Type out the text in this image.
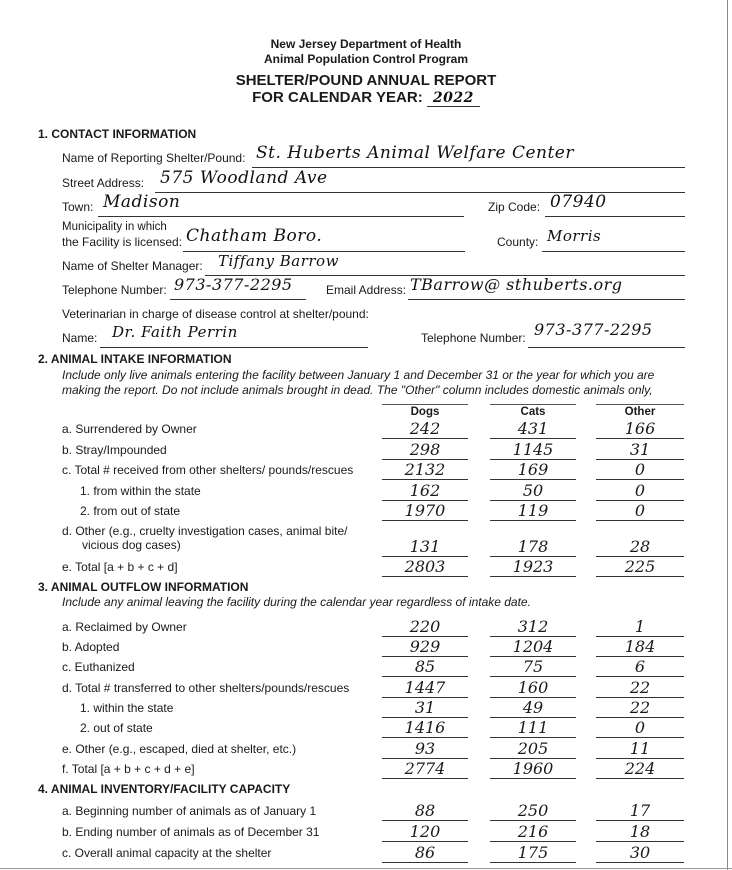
New Jersey Department of Health
Animal Population Control Program
SHELTER/POUND ANNUAL REPORT
FOR CALENDAR YEAR: 2022
1. CONTACT INFORMATION
Name of Reporting Shelter/Pound: St. Huberts Animal Welfare Center
Street Address: 575 Woodland Ave
Town: Madison	Zip Code: 07940
Municipality in which
the Facility is licensed: Chatham Boro.	County: Morris
Name of Shelter Manager: Tiffany Barrow
Telephone Number: 973-377-2295	Email Address: TBarrow@ sthuberts.org
Veterinarian in charge of disease control at shelter/pound:
Name: Dr. Faith Perrin	Telephone Number: 973-377-2295
2. ANIMAL INTAKE INFORMATION
Include only live animals entering the facility between January 1 and December 31 or the year for which you are
making the report. Do not include animals brought in dead. The "Other" column includes domestic animals only,
Dogs	Cats	Other
a. Surrendered by Owner	242	431	166
b. Stray/Impounded	298	1145	31
c. Total # received from other shelters/ pounds/rescues	2132	169	0
1. from within the state	162	50	0
2. from out of state	1970	119	0
d. Other (e.g., cruelty investigation cases, animal bite/
vicious dog cases)	131	178	28
e. Total [a + b + c + d]	2803	1923	225
3. ANIMAL OUTFLOW INFORMATION
Include any animal leaving the facility during the calendar year regardless of intake date.
a. Reclaimed by Owner	220	312	1
b. Adopted	929	1204	184
c. Euthanized	85	75	6
d. Total # transferred to other shelters/pounds/rescues	1447	160	22
1. within the state	31	49	22
2. out of state	1416	111	0
e. Other (e.g., escaped, died at shelter, etc.)	93	205	11
f. Total [a + b + c + d + e]	2774	1960	224
4. ANIMAL INVENTORY/FACILITY CAPACITY
a. Beginning number of animals as of January 1	88	250	17
b. Ending number of animals as of December 31	120	216	18
c. Overall animal capacity at the shelter	86	175	30
